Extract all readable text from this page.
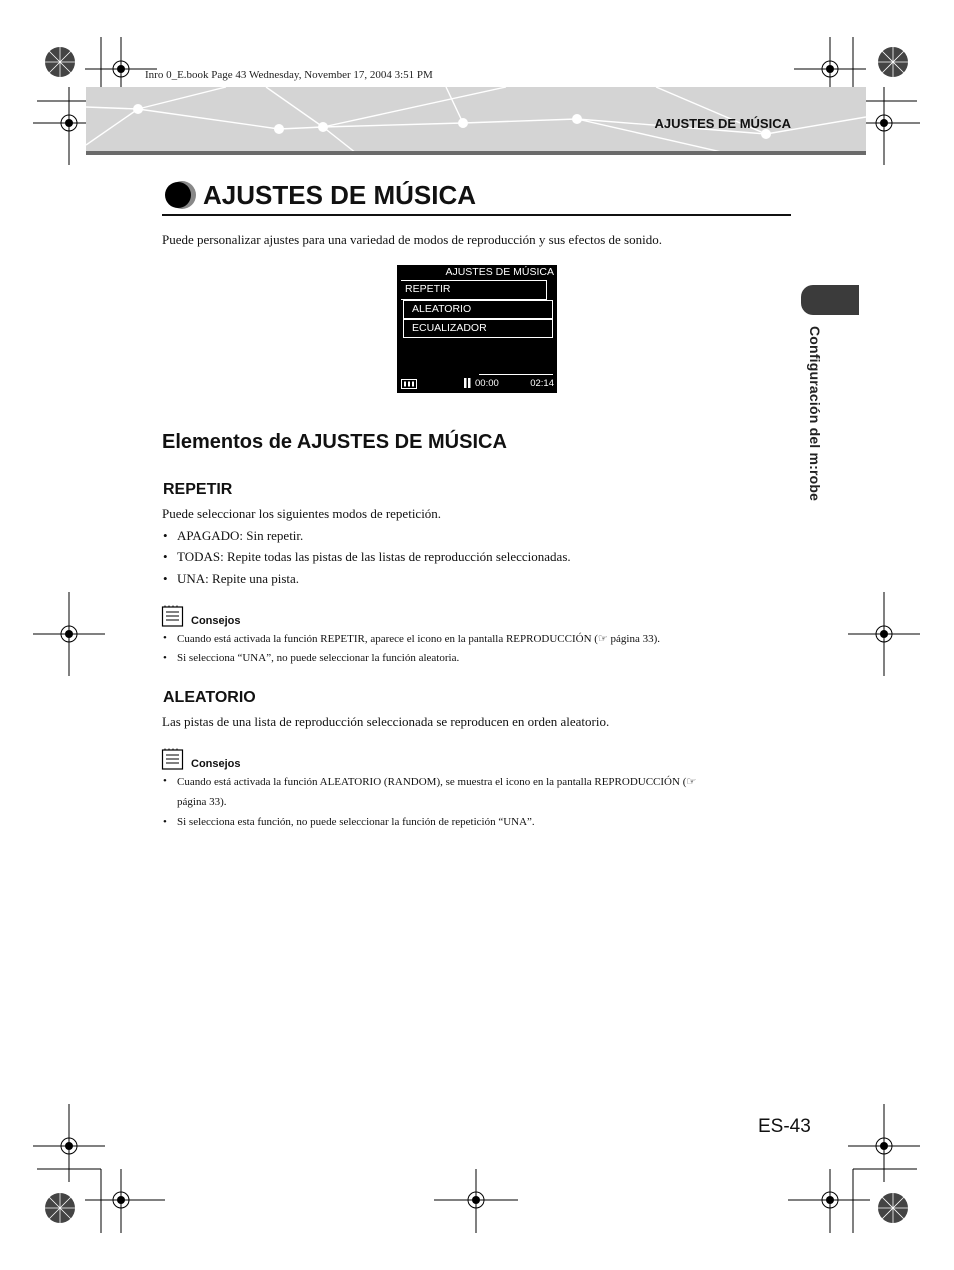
Inro 0_E.book Page 43 Wednesday, November 17, 2004 3:51 PM
AJUSTES DE MÚSICA
Configuración del m:robe
AJUSTES DE MÚSICA
Puede personalizar ajustes para una variedad de modos de reproducción y sus efectos de sonido.
AJUSTES DE MÚSICA
REPETIR
ALEATORIO
ECUALIZADOR
00:00	02:14
Elementos de AJUSTES DE MÚSICA
REPETIR
Puede seleccionar los siguientes modos de repetición.
• APAGADO: Sin repetir.
• TODAS: Repite todas las pistas de las listas de reproducción seleccionadas.
• UNA: Repite una pista.
Consejos
• Cuando está activada la función REPETIR, aparece el icono en la pantalla REPRODUCCIÓN (☞ página 33).
• Si selecciona “UNA”, no puede seleccionar la función aleatoria.
ALEATORIO
Las pistas de una lista de reproducción seleccionada se reproducen en orden aleatorio.
Consejos
• Cuando está activada la función ALEATORIO (RANDOM), se muestra el icono en la pantalla REPRODUCCIÓN (☞
página 33).
• Si selecciona esta función, no puede seleccionar la función de repetición “UNA”.
ES-43
